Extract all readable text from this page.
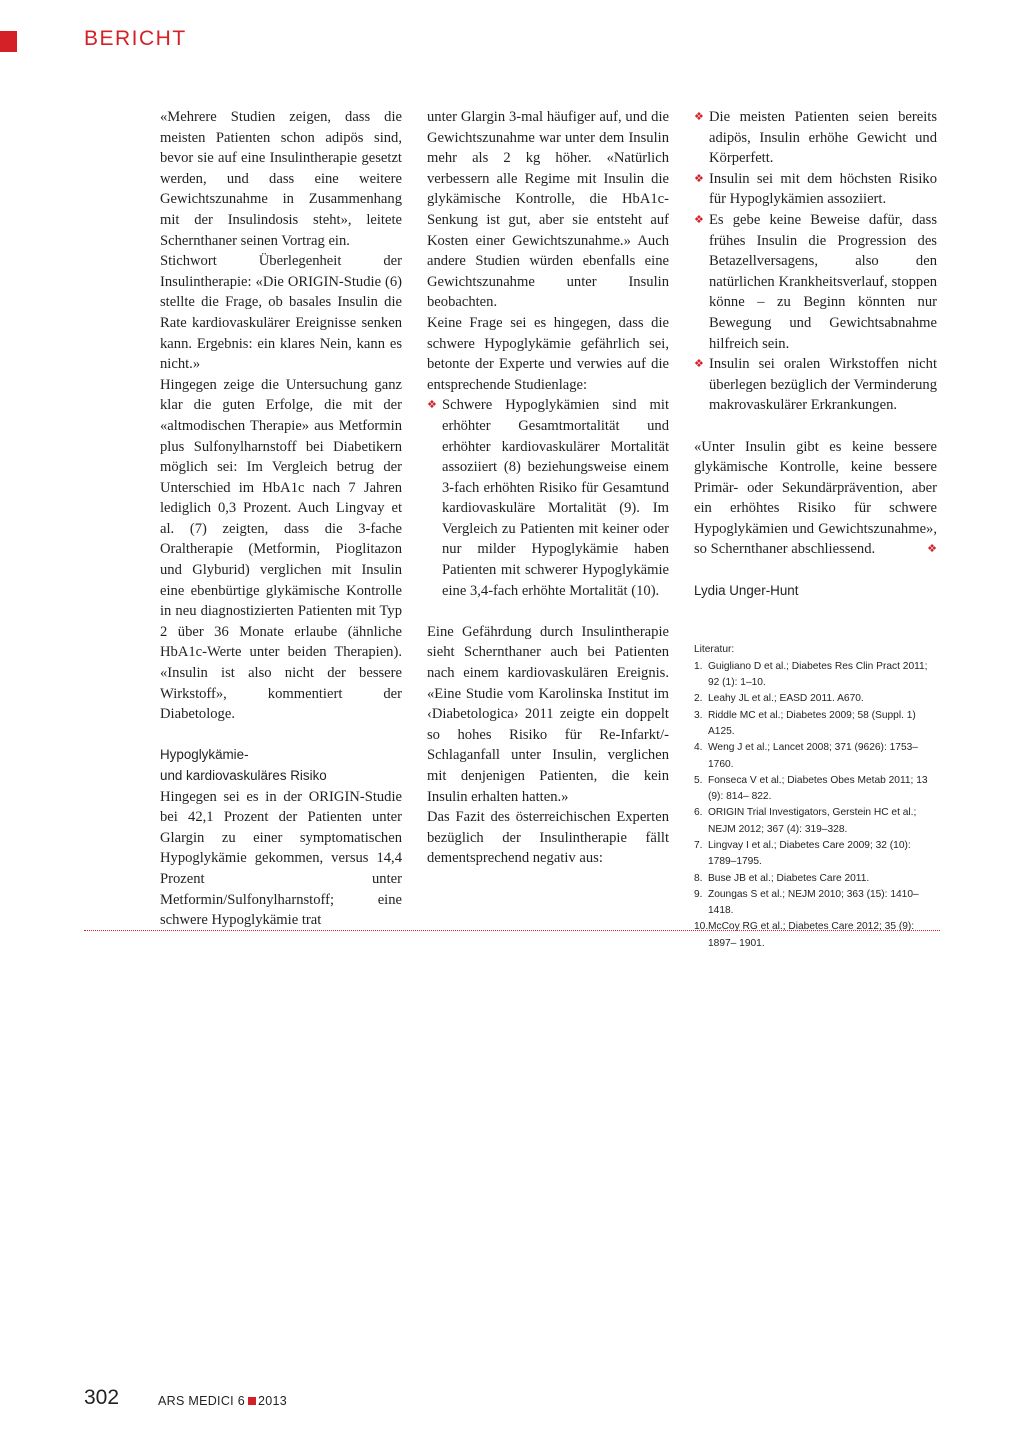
BERICHT

«Mehrere Studien zeigen, dass die meisten Patienten schon adipös sind, bevor sie auf eine Insulintherapie gesetzt werden, und dass eine weitere Gewichtszunahme in Zusammenhang mit der Insulindosis steht», leitete Schernthaner seinen Vortrag ein.

Stichwort Überlegenheit der Insulintherapie: «Die ORIGIN-Studie (6) stellte die Frage, ob basales Insulin die Rate kardiovaskulärer Ereignisse senken kann. Ergebnis: ein klares Nein, kann es nicht.»

Hingegen zeige die Untersuchung ganz klar die guten Erfolge, die mit der «altmodischen Therapie» aus Metformin plus Sulfonylharnstoff bei Diabetikern möglich sei: Im Vergleich betrug der Unterschied im HbA1c nach 7 Jahren lediglich 0,3 Prozent. Auch Lingvay et al. (7) zeigten, dass die 3-fache Oraltherapie (Metformin, Pioglitazon und Glyburid) verglichen mit Insulin eine ebenbürtige glykämische Kontrolle in neu diagnostizierten Patienten mit Typ 2 über 36 Monate erlaube (ähnliche HbA1c-Werte unter beiden Therapien). «Insulin ist also nicht der bessere Wirkstoff», kommentiert der Diabetologe.

Hypoglykämie-
und kardiovaskuläres Risiko

Hingegen sei es in der ORIGIN-Studie bei 42,1 Prozent der Patienten unter Glargin zu einer symptomatischen Hypoglykämie gekommen, versus 14,4 Prozent unter Metformin/Sulfonylharnstoff; eine schwere Hypoglykämie trat

unter Glargin 3-mal häufiger auf, und die Gewichtszunahme war unter dem Insulin mehr als 2 kg höher. «Natürlich verbessern alle Regime mit Insulin die glykämische Kontrolle, die HbA1c-Senkung ist gut, aber sie entsteht auf Kosten einer Gewichtszunahme.» Auch andere Studien würden ebenfalls eine Gewichtszunahme unter Insulin beobachten.

Keine Frage sei es hingegen, dass die schwere Hypoglykämie gefährlich sei, betonte der Experte und verwies auf die entsprechende Studienlage:

❖ Schwere Hypoglykämien sind mit erhöhter Gesamtmortalität und erhöhter kardiovaskulärer Mortalität assoziiert (8) beziehungsweise einem 3-fach erhöhten Risiko für Gesamtund kardiovaskuläre Mortalität (9). Im Vergleich zu Patienten mit keiner oder nur milder Hypoglykämie haben Patienten mit schwerer Hypoglykämie eine 3,4-fach erhöhte Mortalität (10).

Eine Gefährdung durch Insulintherapie sieht Schernthaner auch bei Patienten nach einem kardiovaskulären Ereignis. «Eine Studie vom Karolinska Institut im ‹Diabetologica› 2011 zeigte ein doppelt so hohes Risiko für Re-Infarkt/-Schlaganfall unter Insulin, verglichen mit denjenigen Patienten, die kein Insulin erhalten hatten.»

Das Fazit des österreichischen Experten bezüglich der Insulintherapie fällt dementsprechend negativ aus:

❖ Die meisten Patienten seien bereits adipös, Insulin erhöhe Gewicht und Körperfett.
❖ Insulin sei mit dem höchsten Risiko für Hypoglykämien assoziiert.
❖ Es gebe keine Beweise dafür, dass frühes Insulin die Progression des Betazellversagens, also den natürlichen Krankheitsverlauf, stoppen könne – zu Beginn könnten nur Bewegung und Gewichtsabnahme hilfreich sein.
❖ Insulin sei oralen Wirkstoffen nicht überlegen bezüglich der Verminderung makrovaskulärer Erkrankungen.

«Unter Insulin gibt es keine bessere glykämische Kontrolle, keine bessere Primär- oder Sekundärprävention, aber ein erhöhtes Risiko für schwere Hypoglykämien und Gewichtszunahme», so Schernthaner abschliessend.	❖

Lydia Unger-Hunt

Literatur:

1. Guigliano D et al.; Diabetes Res Clin Pract 2011; 92 (1): 1–10.
2. Leahy JL et al.; EASD 2011. A670.
3. Riddle MC et al.; Diabetes 2009; 58 (Suppl. 1) A125.
4. Weng J et al.; Lancet 2008; 371 (9626): 1753–1760.
5. Fonseca V et al.; Diabetes Obes Metab 2011; 13 (9): 814– 822.
6. ORIGIN Trial Investigators, Gerstein HC et al.; NEJM 2012; 367 (4): 319–328.
7. Lingvay I et al.; Diabetes Care 2009; 32 (10): 1789–1795.
8. Buse JB et al.; Diabetes Care 2011.
9. Zoungas S et al.; NEJM 2010; 363 (15): 1410–1418.
10. McCoy RG et al.; Diabetes Care 2012; 35 (9): 1897– 1901.
302	ARS MEDICI 6 2013
